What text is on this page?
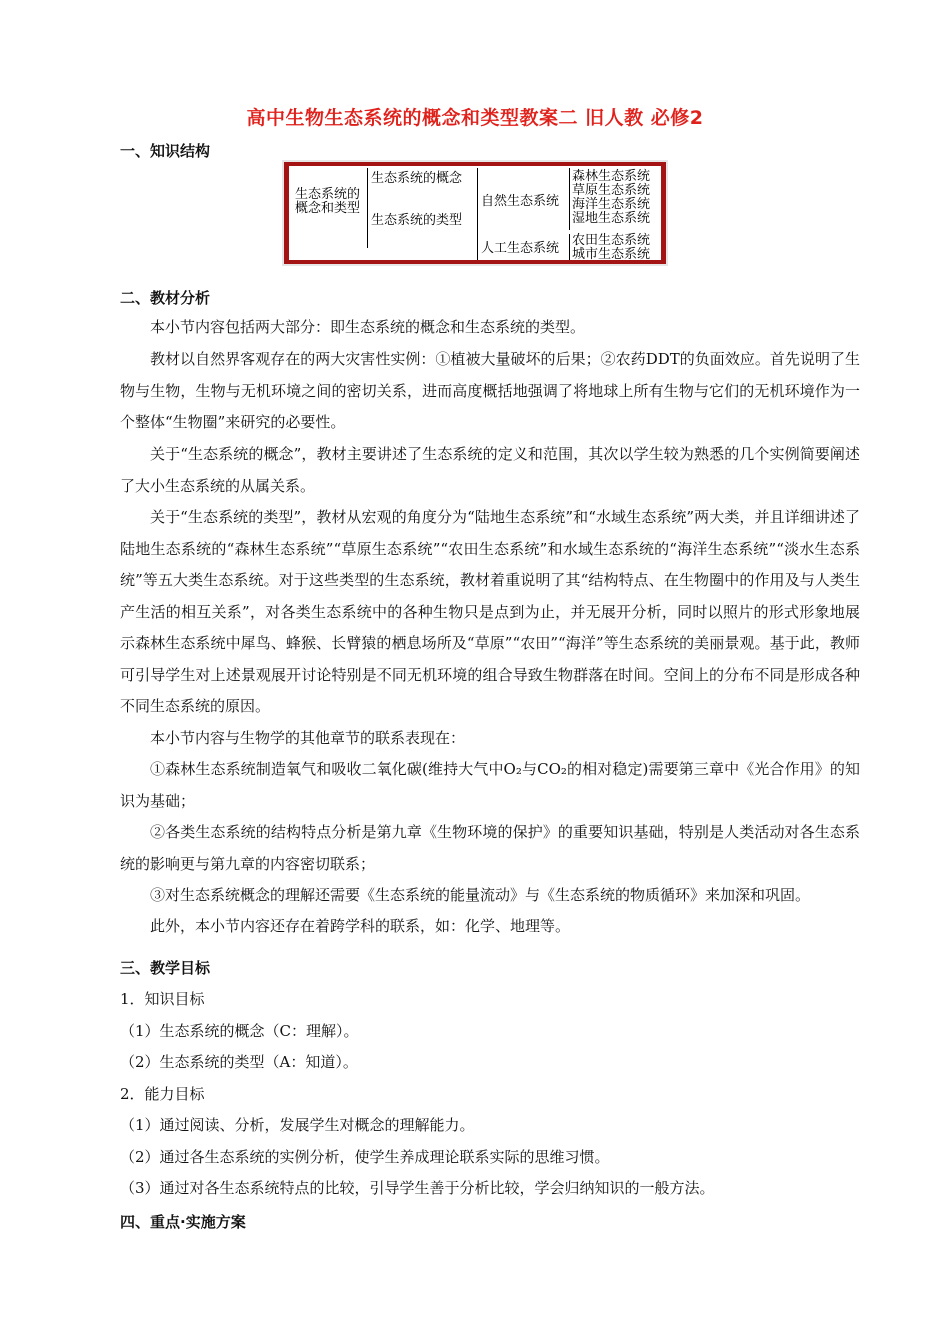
高中生物生态系统的概念和类型教案二 旧人教 必修2
一、知识结构
生态系统的
概念和类型
生态系统的概念
生态系统的类型
自然生态系统
人工生态系统
森林生态系统
草原生态系统
海洋生态系统
湿地生态系统
农田生态系统
城市生态系统
二、教材分析
本小节内容包括两大部分：即生态系统的概念和生态系统的类型。
教材以自然界客观存在的两大灾害性实例：①植被大量破坏的后果；②农药DDT的负面效应。首先说明了生物与生物，生物与无机环境之间的密切关系，进而高度概括地强调了将地球上所有生物与它们的无机环境作为一个整体“生物圈”来研究的必要性。
关于“生态系统的概念”，教材主要讲述了生态系统的定义和范围，其次以学生较为熟悉的几个实例简要阐述了大小生态系统的从属关系。
关于“生态系统的类型”，教材从宏观的角度分为“陆地生态系统”和“水域生态系统”两大类，并且详细讲述了陆地生态系统的“森林生态系统”“草原生态系统”“农田生态系统”和水域生态系统的“海洋生态系统”“淡水生态系统”等五大类生态系统。对于这些类型的生态系统，教材着重说明了其“结构特点、在生物圈中的作用及与人类生产生活的相互关系”，对各类生态系统中的各种生物只是点到为止，并无展开分析，同时以照片的形式形象地展示森林生态系统中犀鸟、蜂猴、长臂猿的栖息场所及“草原”“农田”“海洋”等生态系统的美丽景观。基于此，教师可引导学生对上述景观展开讨论特别是不同无机环境的组合导致生物群落在时间。空间上的分布不同是形成各种不同生态系统的原因。
本小节内容与生物学的其他章节的联系表现在：
①森林生态系统制造氧气和吸收二氧化碳(维持大气中O₂与CO₂的相对稳定)需要第三章中《光合作用》的知识为基础；
②各类生态系统的结构特点分析是第九章《生物环境的保护》的重要知识基础，特别是人类活动对各生态系统的影响更与第九章的内容密切联系；
③对生态系统概念的理解还需要《生态系统的能量流动》与《生态系统的物质循环》来加深和巩固。
此外，本小节内容还存在着跨学科的联系，如：化学、地理等。
三、教学目标
1．知识目标
（1）生态系统的概念（C：理解）。
（2）生态系统的类型（A：知道）。
2．能力目标
（1）通过阅读、分析，发展学生对概念的理解能力。
（2）通过各生态系统的实例分析，使学生养成理论联系实际的思维习惯。
（3）通过对各生态系统特点的比较，引导学生善于分析比较，学会归纳知识的一般方法。
四、重点·实施方案
